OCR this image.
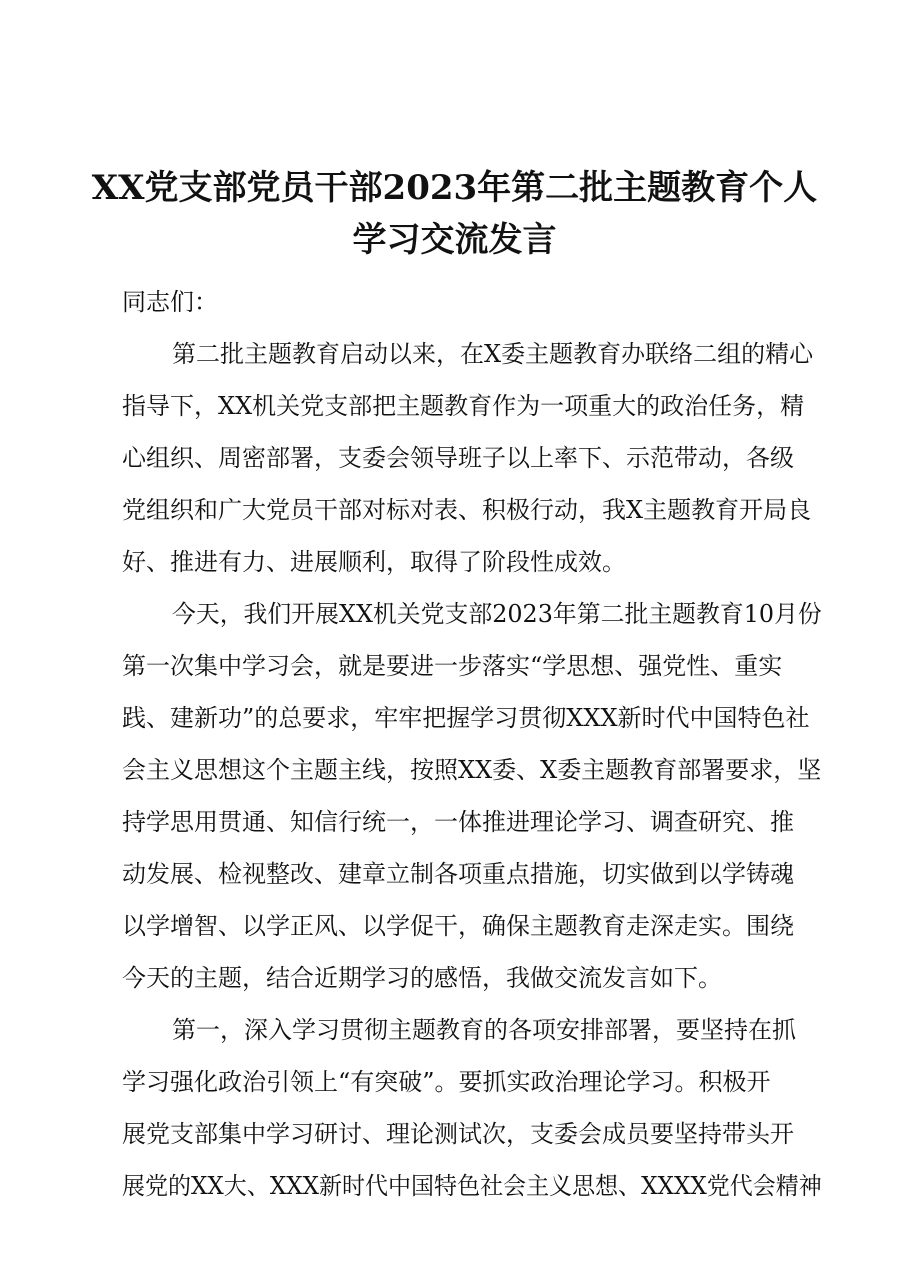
XX党支部党员干部2023年第二批主题教育个人
学习交流发言

同志们：

第二批主题教育启动以来，在X委主题教育办联络二组的精心

指导下，XX机关党支部把主题教育作为一项重大的政治任务，精

心组织、周密部署，支委会领导班子以上率下、示范带动，各级

党组织和广大党员干部对标对表、积极行动，我X主题教育开局良

好、推进有力、进展顺利，取得了阶段性成效。

今天，我们开展XX机关党支部2023年第二批主题教育10月份

第一次集中学习会，就是要进一步落实“学思想、强党性、重实

践、建新功”的总要求，牢牢把握学习贯彻XXX新时代中国特色社

会主义思想这个主题主线，按照XX委、X委主题教育部署要求，坚

持学思用贯通、知信行统一，一体推进理论学习、调查研究、推

动发展、检视整改、建章立制各项重点措施，切实做到以学铸魂

以学增智、以学正风、以学促干，确保主题教育走深走实。围绕

今天的主题，结合近期学习的感悟，我做交流发言如下。

第一，深入学习贯彻主题教育的各项安排部署，要坚持在抓

学习强化政治引领上“有突破”。要抓实政治理论学习。积极开

展党支部集中学习研讨、理论测试次，支委会成员要坚持带头开

展党的XX大、XXX新时代中国特色社会主义思想、XXXX党代会精神
